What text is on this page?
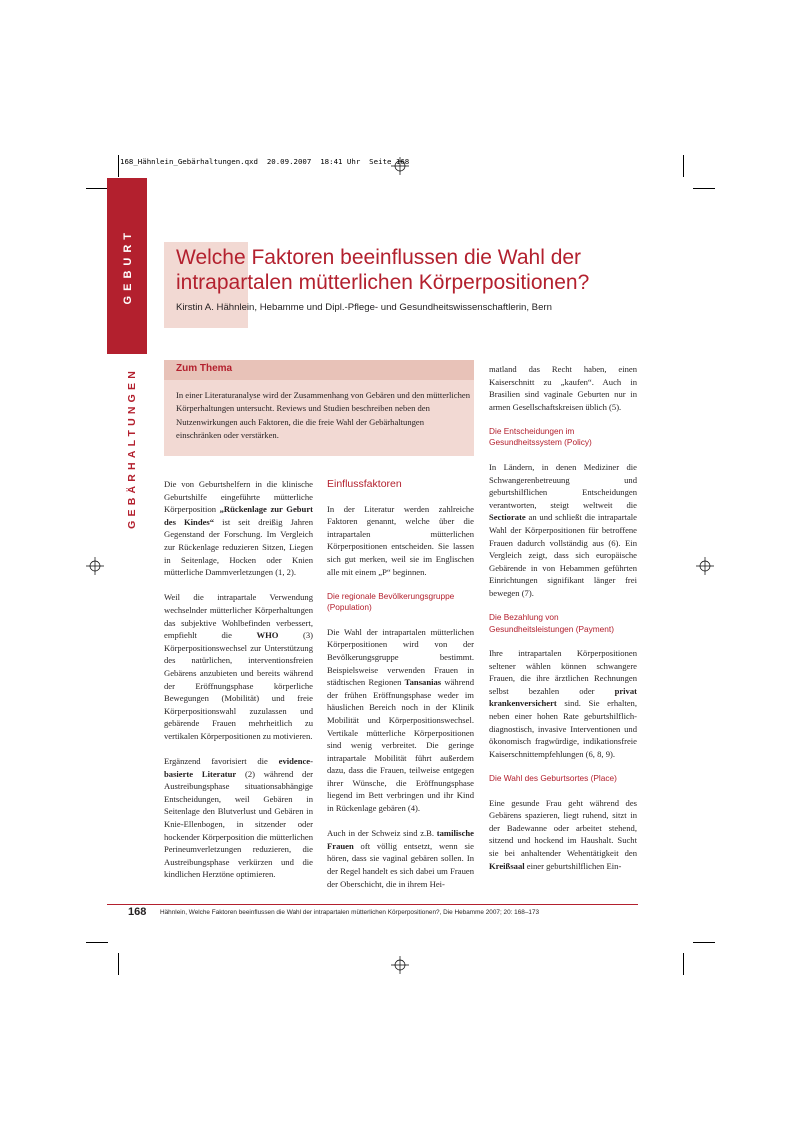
168_Hähnlein_Gebärhaltungen.qxd  20.09.2007  18:41 Uhr  Seite 168
GEBURT
GEBÄRHALTUNGEN
Welche Faktoren beeinflussen die Wahl der
intrapartalen mütterlichen Körperpositionen?
Kirstin A. Hähnlein, Hebamme und Dipl.-Pflege- und Gesundheitswissenschaftlerin, Bern
Zum Thema
In einer Literaturanalyse wird der Zusammenhang von Gebären und den mütterlichen Körperhaltungen untersucht. Reviews und Studien beschreiben neben den Nutzenwirkungen auch Faktoren, die die freie Wahl der Gebärhaltungen einschränken oder verstärken.

Die von Geburtshelfern in die klinische Geburtshilfe eingeführte mütterliche Körperposition „Rückenlage zur Geburt des Kindes“ ist seit dreißig Jahren Gegenstand der Forschung. Im Vergleich zur Rückenlage reduzieren Sitzen, Liegen in Seitenlage, Hocken oder Knien mütterliche Dammverletzungen (1, 2).

Weil die intrapartale Verwendung wechselnder mütterlicher Körperhaltungen das subjektive Wohlbefinden verbessert, empfiehlt die WHO (3) Körperpositionswechsel zur Unterstützung des natürlichen, interventionsfreien Gebärens anzubieten und bereits während der Eröffnungsphase körperliche Bewegungen (Mobilität) und freie Körperpositionswahl zuzulassen und gebärende Frauen mehrheitlich zu vertikalen Körperpositionen zu motivieren.

Ergänzend favorisiert die evidence-basierte Literatur (2) während der Austreibungsphase situationsabhängige Entscheidungen, weil Gebären in Seitenlage den Blutverlust und Gebären in Knie-Ellenbogen, in sitzender oder hockender Körperposition die mütterlichen Perineumverletzungen reduzieren, die Austreibungsphase verkürzen und die kindlichen Herztöne optimieren.

Einflussfaktoren

In der Literatur werden zahlreiche Faktoren genannt, welche über die intrapartalen mütterlichen Körperpositionen entscheiden. Sie lassen sich gut merken, weil sie im Englischen alle mit einem „P“ beginnen.

Die regionale Bevölkerungsgruppe (Population)

Die Wahl der intrapartalen mütterlichen Körperpositionen wird von der Bevölkerungsgruppe bestimmt. Beispielsweise verwenden Frauen in städtischen Regionen Tansanias während der frühen Eröffnungsphase weder im häuslichen Bereich noch in der Klinik Mobilität und Körperpositionswechsel. Vertikale mütterliche Körperpositionen sind wenig verbreitet. Die geringe intrapartale Mobilität führt außerdem dazu, dass die Frauen, teilweise entgegen ihrer Wünsche, die Eröffnungsphase liegend im Bett verbringen und ihr Kind in Rückenlage gebären (4).

Auch in der Schweiz sind z.B. tamilische Frauen oft völlig entsetzt, wenn sie hören, dass sie vaginal gebären sollen. In der Regel handelt es sich dabei um Frauen der Oberschicht, die in ihrem Hei-

matland das Recht haben, einen Kaiserschnitt zu „kaufen“. Auch in Brasilien sind vaginale Geburten nur in armen Gesellschaftskreisen üblich (5).

Die Entscheidungen im Gesundheitssystem (Policy)

In Ländern, in denen Mediziner die Schwangerenbetreuung und geburtshilflichen Entscheidungen verantworten, steigt weltweit die Sectiorate an und schließt die intrapartale Wahl der Körperpositionen für betroffene Frauen dadurch vollständig aus (6). Ein Vergleich zeigt, dass sich europäische Gebärende in von Hebammen geführten Einrichtungen signifikant länger frei bewegen (7).

Die Bezahlung von Gesundheitsleistungen (Payment)

Ihre intrapartalen Körperpositionen seltener wählen können schwangere Frauen, die ihre ärztlichen Rechnungen selbst bezahlen oder privat krankenversichert sind. Sie erhalten, neben einer hohen Rate geburtshilflich-diagnostisch, invasive Interventionen und ökonomisch fragwürdige, indikationsfreie Kaiserschnittempfehlungen (6, 8, 9).

Die Wahl des Geburtsortes (Place)

Eine gesunde Frau geht während des Gebärens spazieren, liegt ruhend, sitzt in der Badewanne oder arbeitet stehend, sitzend und hockend im Haushalt. Sucht sie bei anhaltender Wehentätigkeit den Kreißsaal einer geburtshilflichen Ein-

168 Hähnlein, Welche Faktoren beeinflussen die Wahl der intrapartalen mütterlichen Körperpositionen?, Die Hebamme 2007; 20: 168–173
